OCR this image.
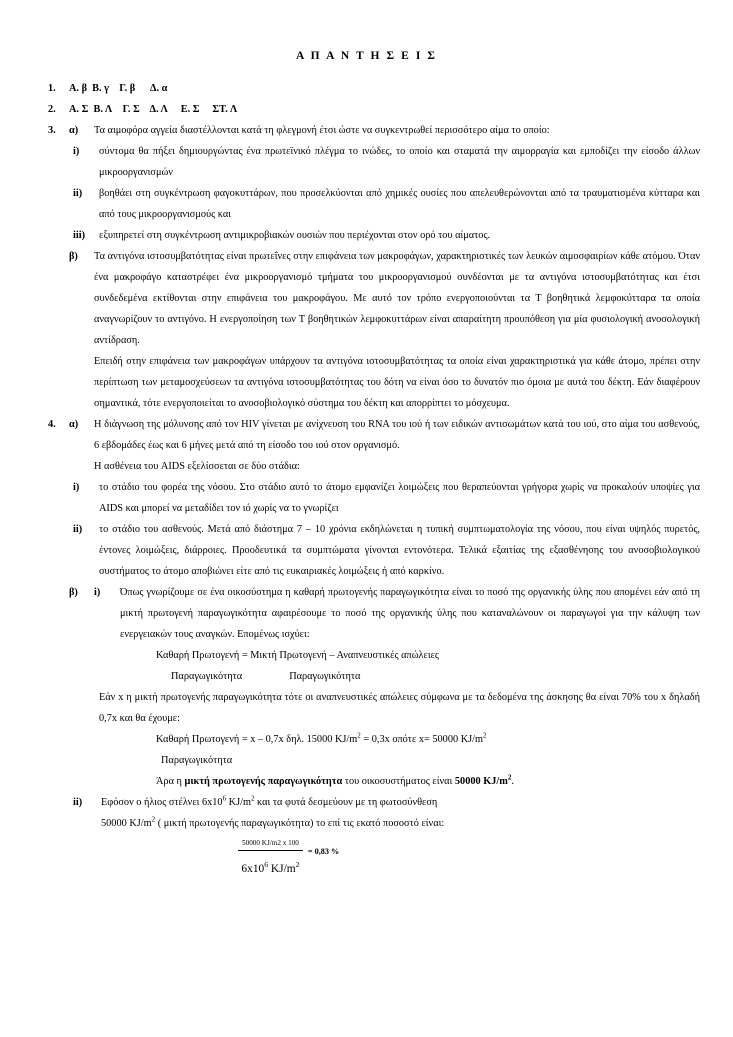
Α Π Α Ν Τ Η Σ Ε Ι Σ
1.	Α. β  Β. γ    Γ. β      Δ. α
2.	Α. Σ  Β. Λ    Γ. Σ    Δ. Λ     Ε. Σ     ΣΤ. Λ
3.	α)	Τα αιμοφόρα αγγεία διαστέλλονται κατά τη φλεγμονή έτσι ώστε να συγκεντρωθεί περισσότερο αίμα το οποίο:
i)	σύντομα θα πήξει δημιουργώντας ένα πρωτεϊνικό πλέγμα το ινώδες, το οποίο και σταματά την αιμορραγία και εμποδίζει την είσοδο άλλων μικροοργανισμών
ii)	βοηθάει στη συγκέντρωση φαγοκυττάρων, που προσελκύονται από χημικές ουσίες που απελευθερώνονται από τα τραυματισμένα κύτταρα και από τους μικροοργανισμούς και
iii)	εξυπηρετεί στη συγκέντρωση αντιμικροβιακών ουσιών που περιέχονται στον ορό του αίματος.
β)	Τα αντιγόνα ιστοσυμβατότητας είναι πρωτεΐνες στην επιφάνεια των μακροφάγων, χαρακτηριστικές των λευκών αιμοσφαιρίων κάθε ατόμου. Όταν ένα μακροφάγο καταστρέφει ένα μικροοργανισμό τμήματα του μικροοργανισμού συνδέονται με τα αντιγόνα ιστοσυμβατότητας και έτσι συνδεδεμένα εκτίθονται στην επιφάνεια του μακροφάγου. Με αυτό τον τρόπο ενεργοποιούνται τα Τ βοηθητικά λεμφοκύτταρα τα οποία αναγνωρίζουν το αντιγόνο. Η ενεργοποίηση των Τ βοηθητικών λεμφοκυττάρων είναι απαραίτητη προυπόθεση για μία φυσιολογική ανοσολογική αντίδραση.
Επειδή στην επιφάνεια των μακροφάγων υπάρχουν τα αντιγόνα ιστοσυμβατότητας τα οποία είναι χαρακτηριστικά για κάθε άτομο, πρέπει στην περίπτωση των μεταμοσχεύσεων τα αντιγόνα ιστοσυμβατότητας του δότη να είναι όσο το δυνατόν πιο όμοια με αυτά του δέκτη. Εάν διαφέρουν σημαντικά, τότε ενεργοποιείται το ανοσοβιολογικό σύστημα του δέκτη και απορρίπτει το μόσχευμα.
4.	α)	Η διάγνωση της μόλυνσης από τον HIV γίνεται με ανίχνευση του RNA του ιού ή των ειδικών αντισωμάτων κατά του ιού, στο αίμα του ασθενούς, 6 εβδομάδες έως και 6 μήνες μετά από τη είσοδο του ιού στον οργανισμό.
Η ασθένεια του AIDS εξελίσσεται σε δύο στάδια:
i)	το στάδιο του φορέα της νόσου. Στο στάδιο αυτό το άτομο εμφανίζει λοιμώξεις που θεραπεύονται γρήγορα χωρίς να προκαλούν υποψίες για AIDS και μπορεί να μεταδίδει τον ιό χωρίς να το γνωρίζει
ii)	το στάδιο του ασθενούς. Μετά από διάστημα 7 – 10 χρόνια εκδηλώνεται η τυπική συμπτωματολογία της νόσου, που είναι υψηλός πυρετός, έντονες λοιμώξεις, διάρροιες. Προοδευτικά τα συμπτώματα γίνονται εντονότερα. Τελικά εξαιτίας της εξασθένησης του ανοσοβιολογικού συστήματος το άτομο αποβιώνει είτε από τις ευκαιριακές λοιμώξεις ή από καρκίνο.
β)	i)	Όπως γνωρίζουμε σε ένα οικοσύστημα η καθαρή πρωτογενής παραγωγικότητα είναι το ποσό της οργανικής ύλης που απομένει εάν από τη μικτή πρωτογενή παραγωγικότητα αφαιρέσουμε το ποσό της οργανικής ύλης που καταναλώνουν οι παραγωγοί για την κάλυψη των ενεργειακών τους αναγκών. Επομένως ισχύει:
Καθαρή Πρωτογενή = Μικτή Πρωτογενή – Αναπνευστικές απώλειες
Παραγωγικότητα	Παραγωγικότητα
Εάν x η μικτή πρωτογενής παραγωγικότητα τότε οι αναπνευστικές απώλειες σύμφωνα με τα δεδομένα της άσκησης θα είναι 70% του x δηλαδή 0,7x και θα έχουμε:
Καθαρή Πρωτογενή = x – 0,7x δηλ. 15000 $KJ/m^2 = 0,3x$ οπότε x= 50000 $KJ/m^2$
Παραγωγικότητα
Άρα η μικτή πρωτογενής παραγωγικότητα του οικοσυστήματος είναι 50000 $KJ/m^2$.
ii)	Εφόσον ο ήλιος στέλνει $6x10^6$ $KJ/m^2$ και τα φυτά δεσμεύουν με τη φωτοσύνθεση
50000 $KJ/m^2$ ( μικτή πρωτογενής παραγωγικότητα) το επί τις εκατό ποσοστό είναι:
$\frac{50000 KJ/m2 x 100}{6x10^6 KJ/m^2} = 0,83$ %
